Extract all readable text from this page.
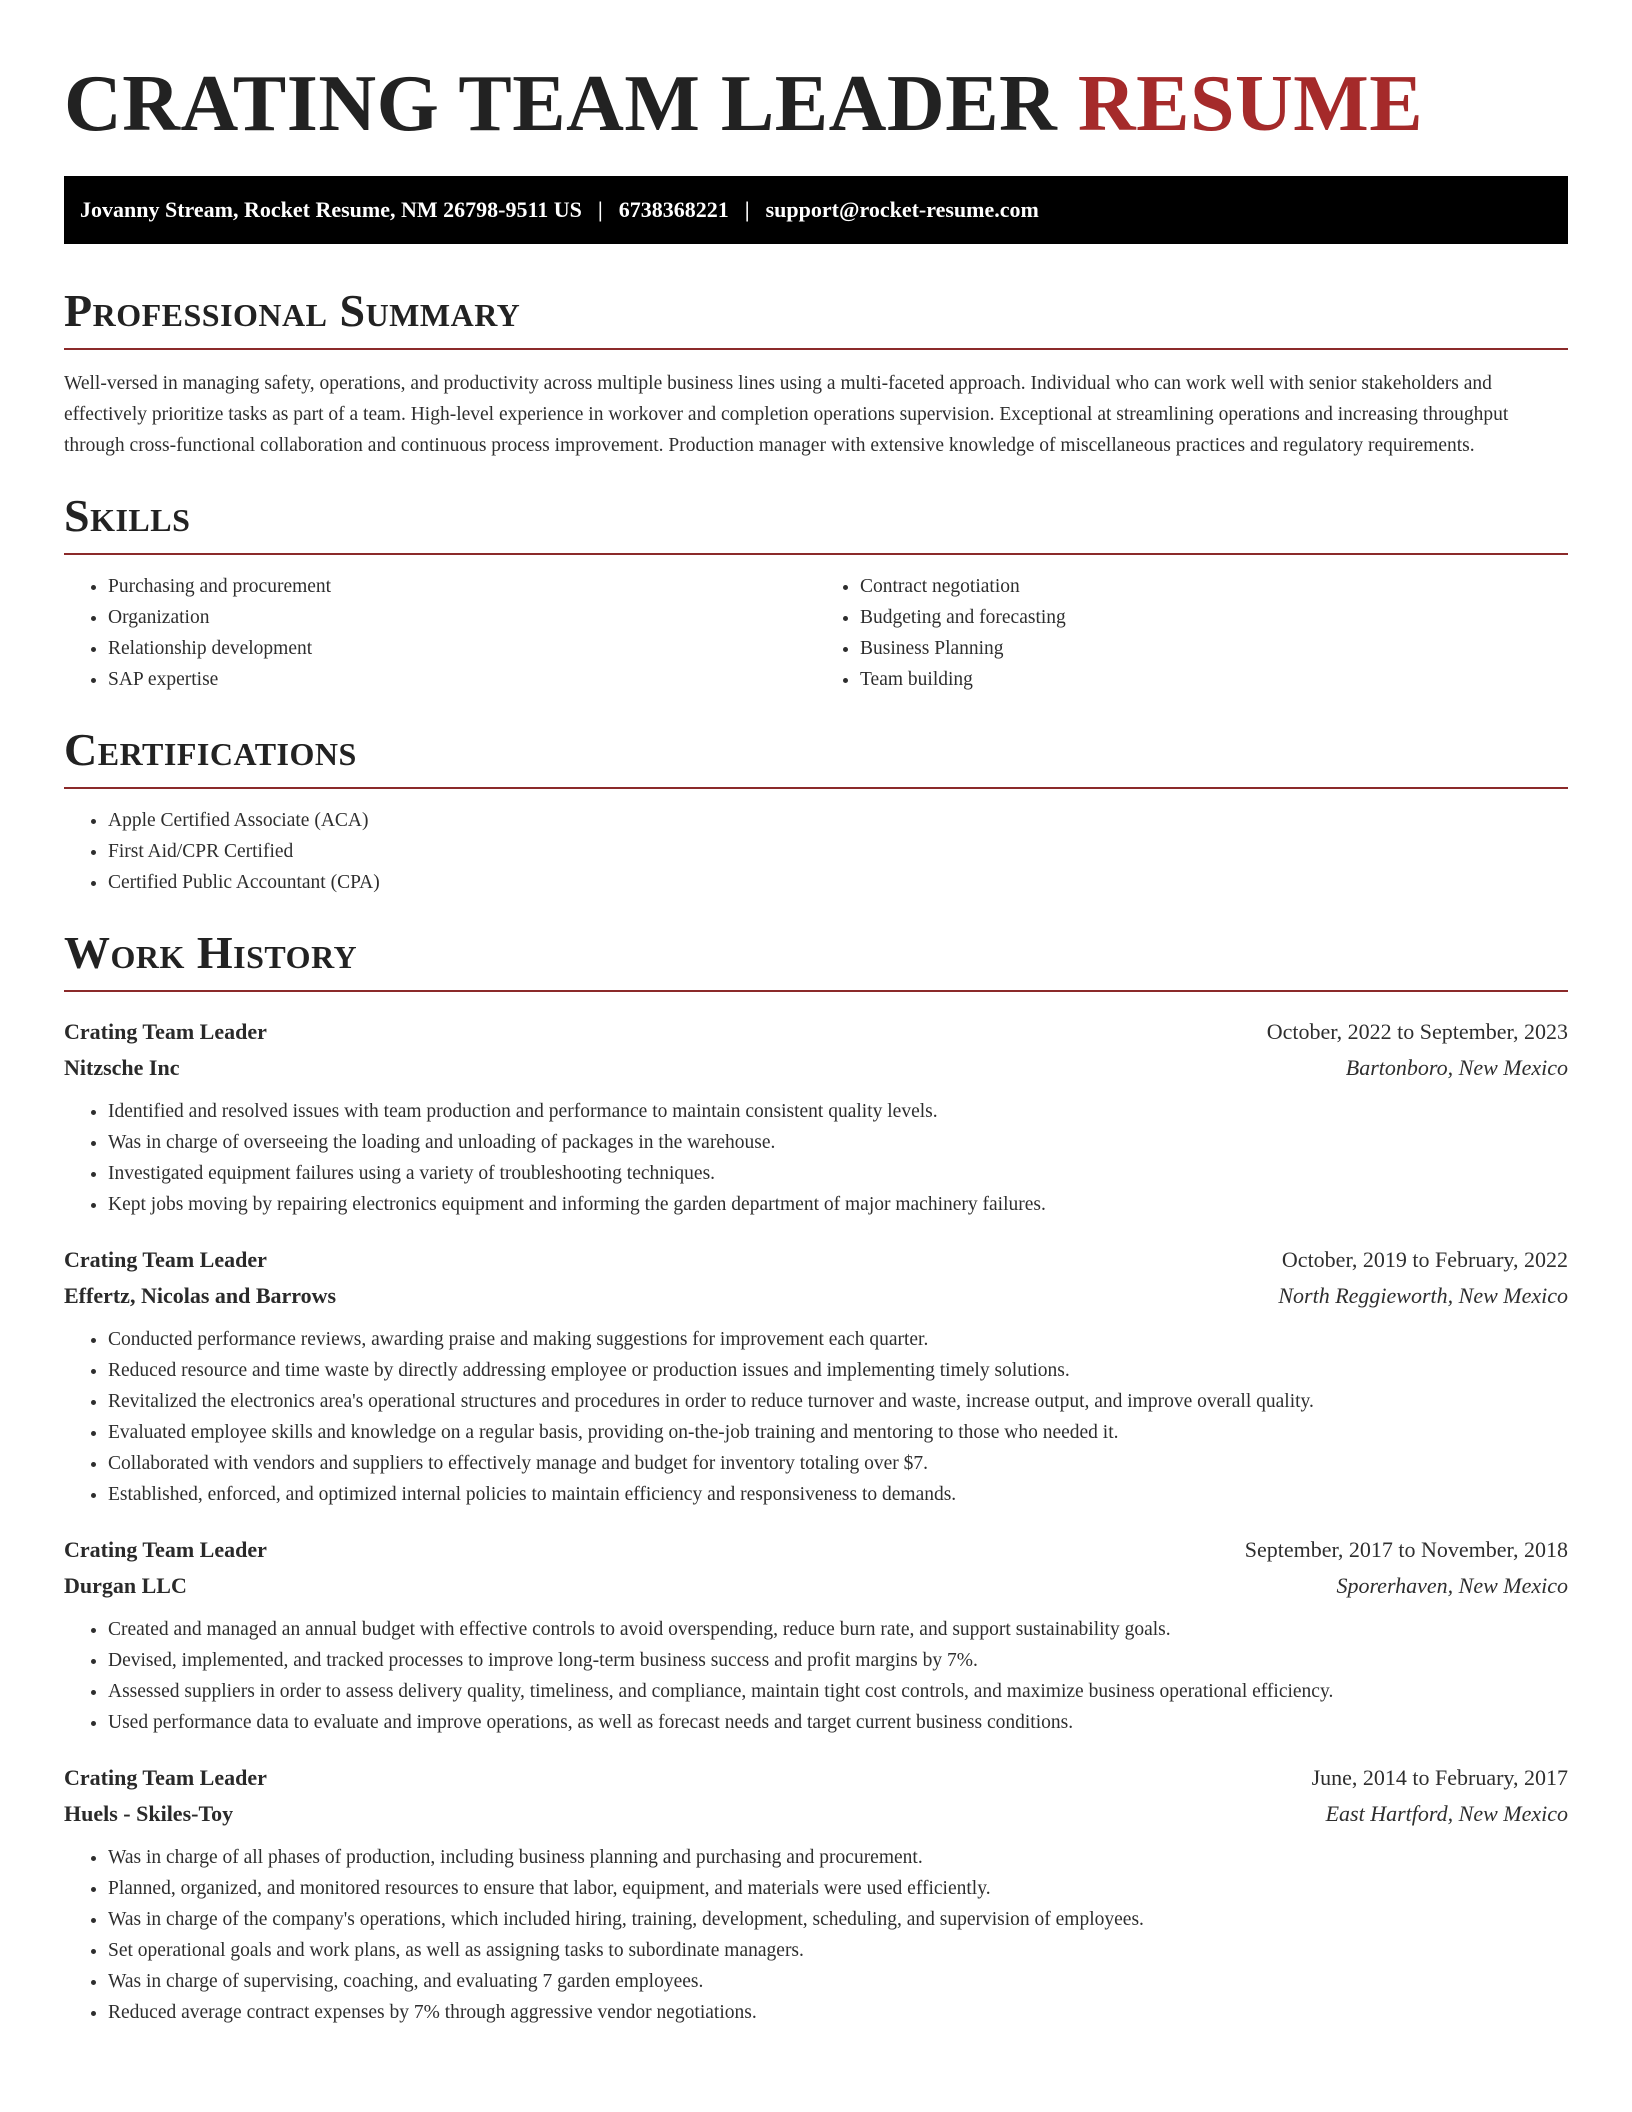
CRATING TEAM LEADER RESUME
Jovanny Stream, Rocket Resume, NM 26798-9511 US | 6738368221 | support@rocket-resume.com
Professional Summary

Well-versed in managing safety, operations, and productivity across multiple business lines using a multi-faceted approach. Individual who can work well with senior stakeholders and effectively prioritize tasks as part of a team. High-level experience in workover and completion operations supervision. Exceptional at streamlining operations and increasing throughput through cross-functional collaboration and continuous process improvement. Production manager with extensive knowledge of miscellaneous practices and regulatory requirements.

Skills
• Purchasing and procurement
• Organization
• Relationship development
• SAP expertise
• Contract negotiation
• Budgeting and forecasting
• Business Planning
• Team building
Certifications
• Apple Certified Associate (ACA)
• First Aid/CPR Certified
• Certified Public Accountant (CPA)
Work History
Crating Team Leader	October, 2022 to September, 2023
Nitzsche Inc	Bartonboro, New Mexico
• Identified and resolved issues with team production and performance to maintain consistent quality levels.
• Was in charge of overseeing the loading and unloading of packages in the warehouse.
• Investigated equipment failures using a variety of troubleshooting techniques.
• Kept jobs moving by repairing electronics equipment and informing the garden department of major machinery failures.
Crating Team Leader	October, 2019 to February, 2022
Effertz, Nicolas and Barrows	North Reggieworth, New Mexico
• Conducted performance reviews, awarding praise and making suggestions for improvement each quarter.
• Reduced resource and time waste by directly addressing employee or production issues and implementing timely solutions.
• Revitalized the electronics area's operational structures and procedures in order to reduce turnover and waste, increase output, and improve overall quality.
• Evaluated employee skills and knowledge on a regular basis, providing on-the-job training and mentoring to those who needed it.
• Collaborated with vendors and suppliers to effectively manage and budget for inventory totaling over $7.
• Established, enforced, and optimized internal policies to maintain efficiency and responsiveness to demands.
Crating Team Leader	September, 2017 to November, 2018
Durgan LLC	Sporerhaven, New Mexico
• Created and managed an annual budget with effective controls to avoid overspending, reduce burn rate, and support sustainability goals.
• Devised, implemented, and tracked processes to improve long-term business success and profit margins by 7%.
• Assessed suppliers in order to assess delivery quality, timeliness, and compliance, maintain tight cost controls, and maximize business operational efficiency.
• Used performance data to evaluate and improve operations, as well as forecast needs and target current business conditions.
Crating Team Leader	June, 2014 to February, 2017
Huels - Skiles-Toy	East Hartford, New Mexico
• Was in charge of all phases of production, including business planning and purchasing and procurement.
• Planned, organized, and monitored resources to ensure that labor, equipment, and materials were used efficiently.
• Was in charge of the company's operations, which included hiring, training, development, scheduling, and supervision of employees.
• Set operational goals and work plans, as well as assigning tasks to subordinate managers.
• Was in charge of supervising, coaching, and evaluating 7 garden employees.
• Reduced average contract expenses by 7% through aggressive vendor negotiations.
